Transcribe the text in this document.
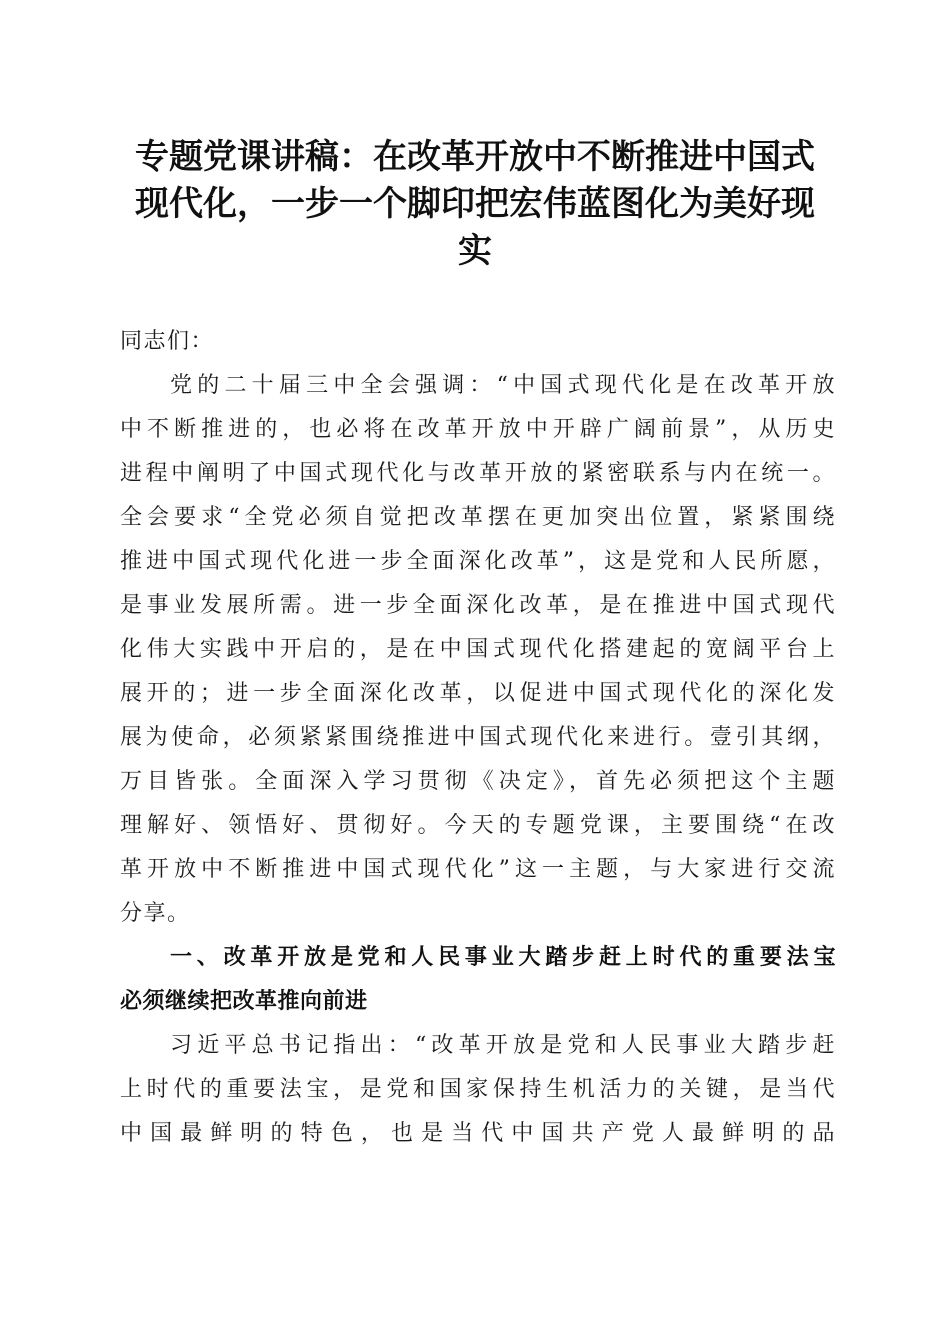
专题党课讲稿：在改革开放中不断推进中国式
现代化，一步一个脚印把宏伟蓝图化为美好现
实
同志们：
党的二十届三中全会强调：“中国式现代化是在改革开放
中不断推进的，也必将在改革开放中开辟广阔前景”，从历史
进程中阐明了中国式现代化与改革开放的紧密联系与内在统一。
全会要求“全党必须自觉把改革摆在更加突出位置，紧紧围绕
推进中国式现代化进一步全面深化改革”，这是党和人民所愿，
是事业发展所需。进一步全面深化改革，是在推进中国式现代
化伟大实践中开启的，是在中国式现代化搭建起的宽阔平台上
展开的；进一步全面深化改革，以促进中国式现代化的深化发
展为使命，必须紧紧围绕推进中国式现代化来进行。壹引其纲，
万目皆张。全面深入学习贯彻《决定》，首先必须把这个主题
理解好、领悟好、贯彻好。今天的专题党课，主要围绕“在改
革开放中不断推进中国式现代化”这一主题，与大家进行交流
分享。
一、改革开放是党和人民事业大踏步赶上时代的重要法宝
必须继续把改革推向前进
习近平总书记指出：“改革开放是党和人民事业大踏步赶
上时代的重要法宝，是党和国家保持生机活力的关键，是当代
中国最鲜明的特色，也是当代中国共产党人最鲜明的品
